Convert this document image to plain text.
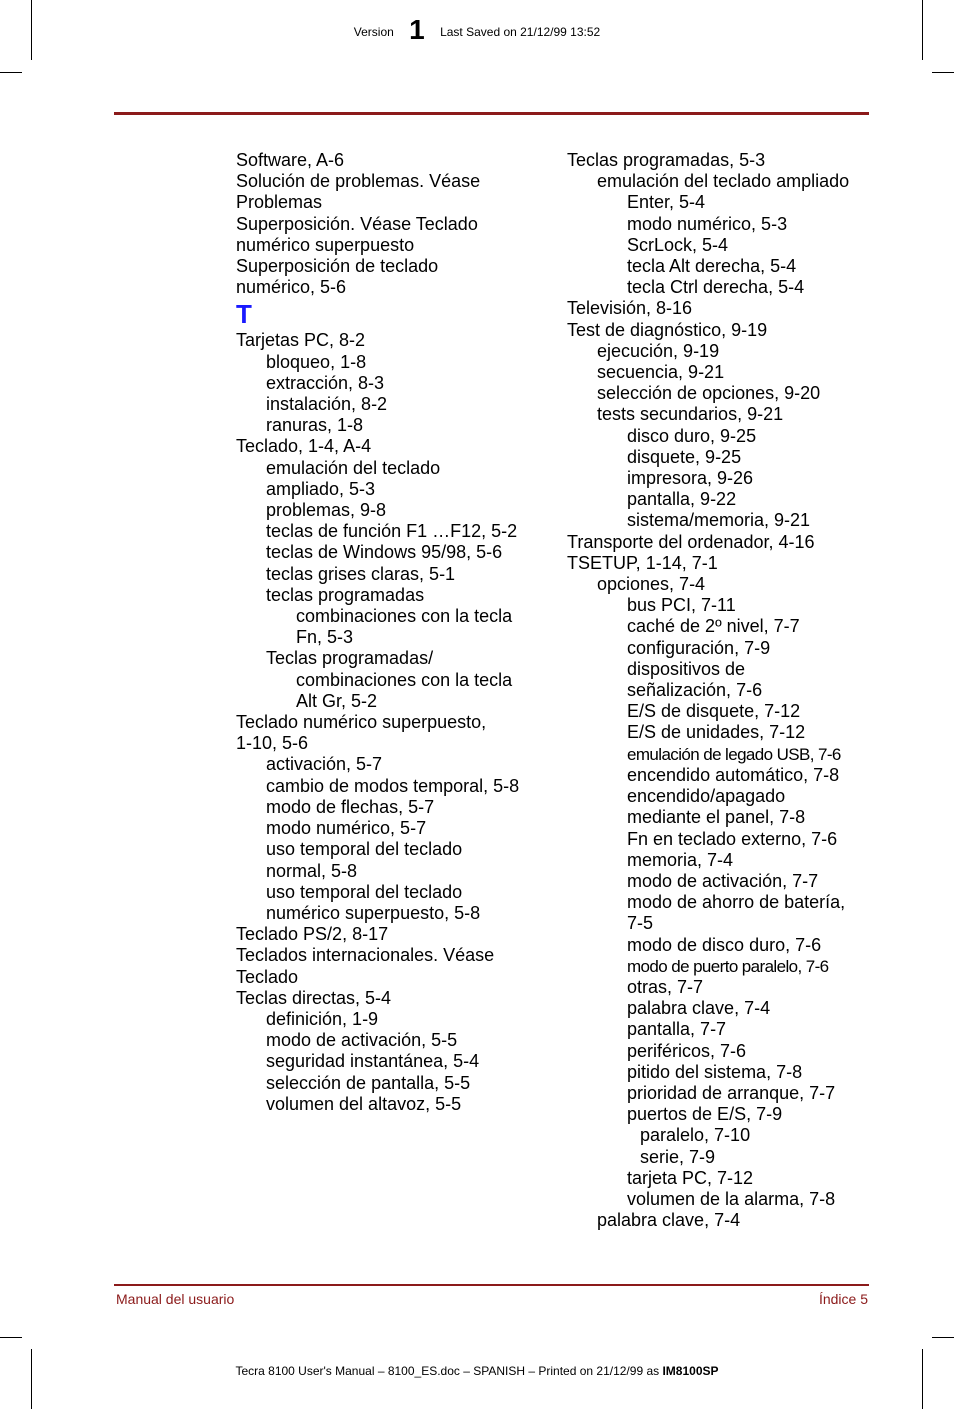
Version 1 Last Saved on 21/12/99 13:52
Software, A-6
Solución de problemas. Véase
Problemas
Superposición. Véase Teclado
numérico superpuesto
Superposición de teclado
numérico, 5-6
T
Tarjetas PC, 8-2
bloqueo, 1-8
extracción, 8-3
instalación, 8-2
ranuras, 1-8
Teclado, 1-4, A-4
emulación del teclado
ampliado, 5-3
problemas, 9-8
teclas de función F1 …F12, 5-2
teclas de Windows 95/98, 5-6
teclas grises claras, 5-1
teclas programadas
combinaciones con la tecla
Fn, 5-3
Teclas programadas/
combinaciones con la tecla
Alt Gr, 5-2
Teclado numérico superpuesto,
1-10, 5-6
activación, 5-7
cambio de modos temporal, 5-8
modo de flechas, 5-7
modo numérico, 5-7
uso temporal del teclado
normal, 5-8
uso temporal del teclado
numérico superpuesto, 5-8
Teclado PS/2, 8-17
Teclados internacionales. Véase
Teclado
Teclas directas, 5-4
definición, 1-9
modo de activación, 5-5
seguridad instantánea, 5-4
selección de pantalla, 5-5
volumen del altavoz, 5-5
Teclas programadas, 5-3
emulación del teclado ampliado
Enter, 5-4
modo numérico, 5-3
ScrLock, 5-4
tecla Alt derecha, 5-4
tecla Ctrl derecha, 5-4
Televisión, 8-16
Test de diagnóstico, 9-19
ejecución, 9-19
secuencia, 9-21
selección de opciones, 9-20
tests secundarios, 9-21
disco duro, 9-25
disquete, 9-25
impresora, 9-26
pantalla, 9-22
sistema/memoria, 9-21
Transporte del ordenador, 4-16
TSETUP, 1-14, 7-1
opciones, 7-4
bus PCI, 7-11
caché de 2º nivel, 7-7
configuración, 7-9
dispositivos de
señalización, 7-6
E/S de disquete, 7-12
E/S de unidades, 7-12
emulación de legado USB, 7-6
encendido automático, 7-8
encendido/apagado
mediante el panel, 7-8
Fn en teclado externo, 7-6
memoria, 7-4
modo de activación, 7-7
modo de ahorro de batería,
7-5
modo de disco duro, 7-6
modo de puerto paralelo, 7-6
otras, 7-7
palabra clave, 7-4
pantalla, 7-7
periféricos, 7-6
pitido del sistema, 7-8
prioridad de arranque, 7-7
puertos de E/S, 7-9
paralelo, 7-10
serie, 7-9
tarjeta PC, 7-12
volumen de la alarma, 7-8
palabra clave, 7-4
Manual del usuario	Índice 5
Tecra 8100 User's Manual – 8100_ES.doc – SPANISH – Printed on 21/12/99 as IM8100SP
